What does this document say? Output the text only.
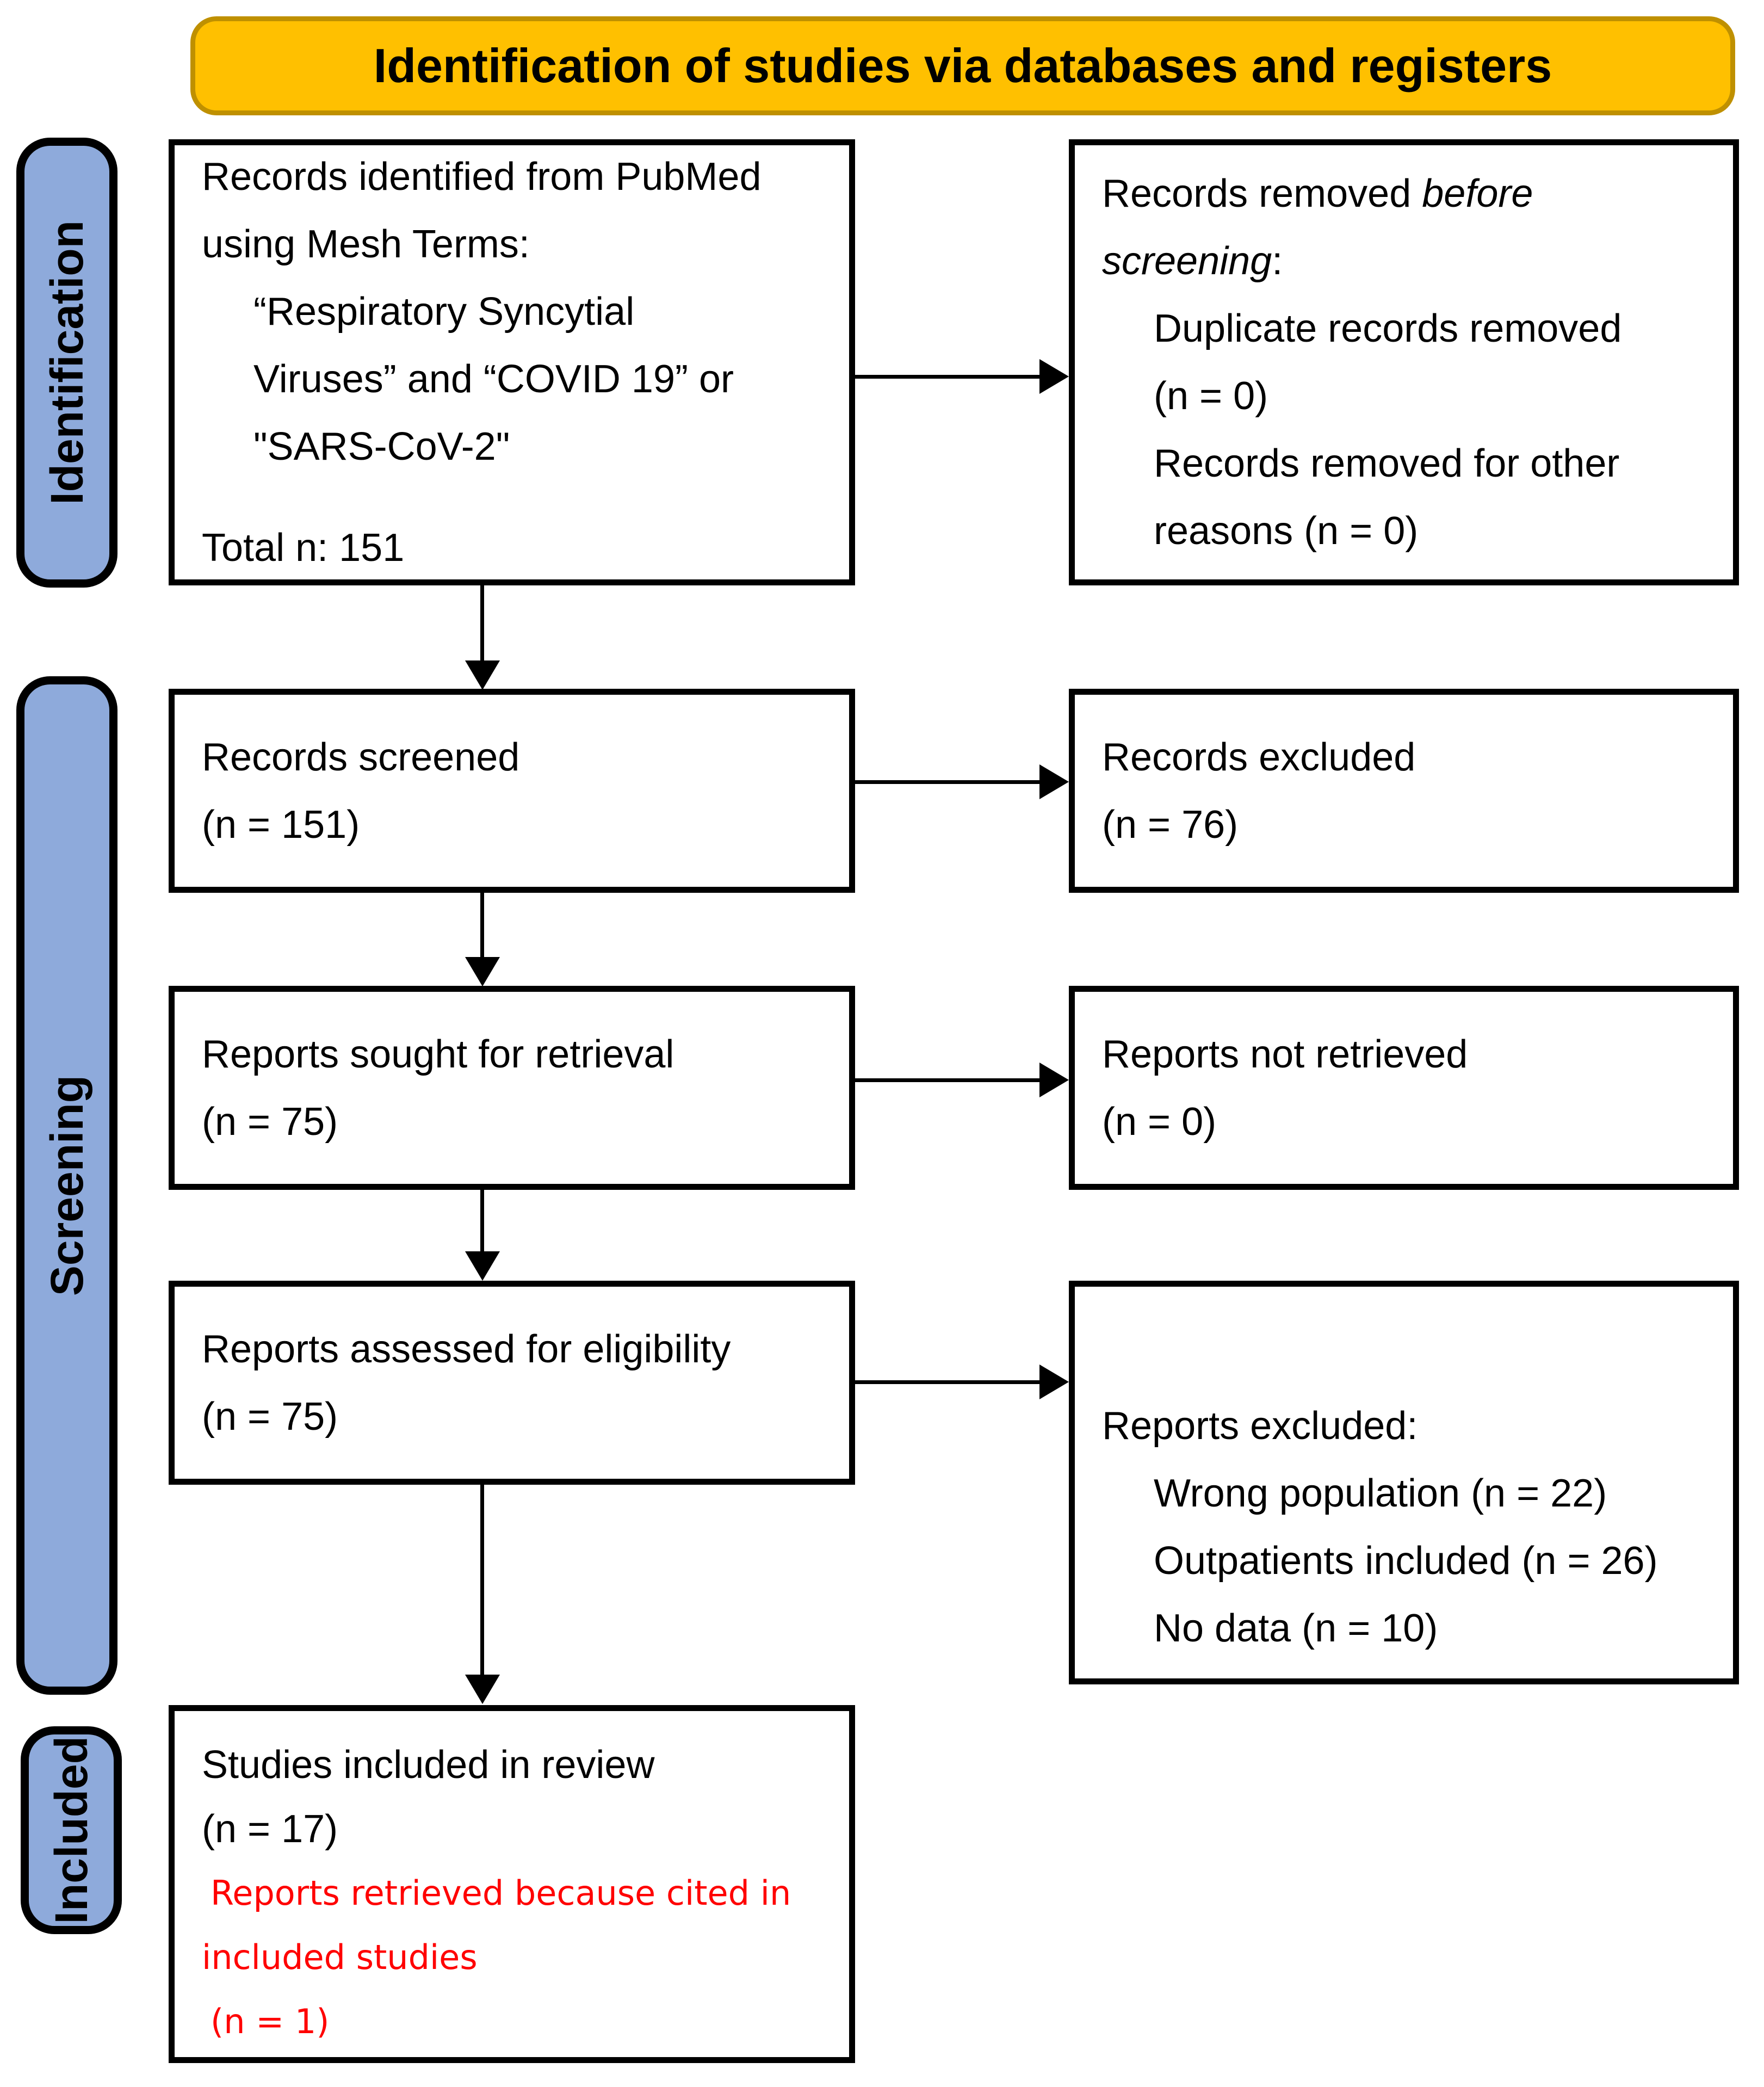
Identification of studies via databases and registers
Identification
Screening
Included
Records identified from PubMed
using Mesh Terms:
“Respiratory Syncytial
Viruses” and “COVID 19” or
"SARS-CoV-2"
Total n: 151
Records removed before
screening:
Duplicate records removed
(n = 0)
Records removed for other
reasons (n = 0)
Records screened
(n = 151)
Records excluded
(n = 76)
Reports sought for retrieval
(n = 75)
Reports not retrieved
(n = 0)
Reports assessed for eligibility
(n = 75)	Reports excluded:
Wrong population (n = 22)
Outpatients included (n = 26)
No data (n = 10)
Studies included in review
(n = 17)
Reports retrieved because cited in
included studies
(n = 1)
